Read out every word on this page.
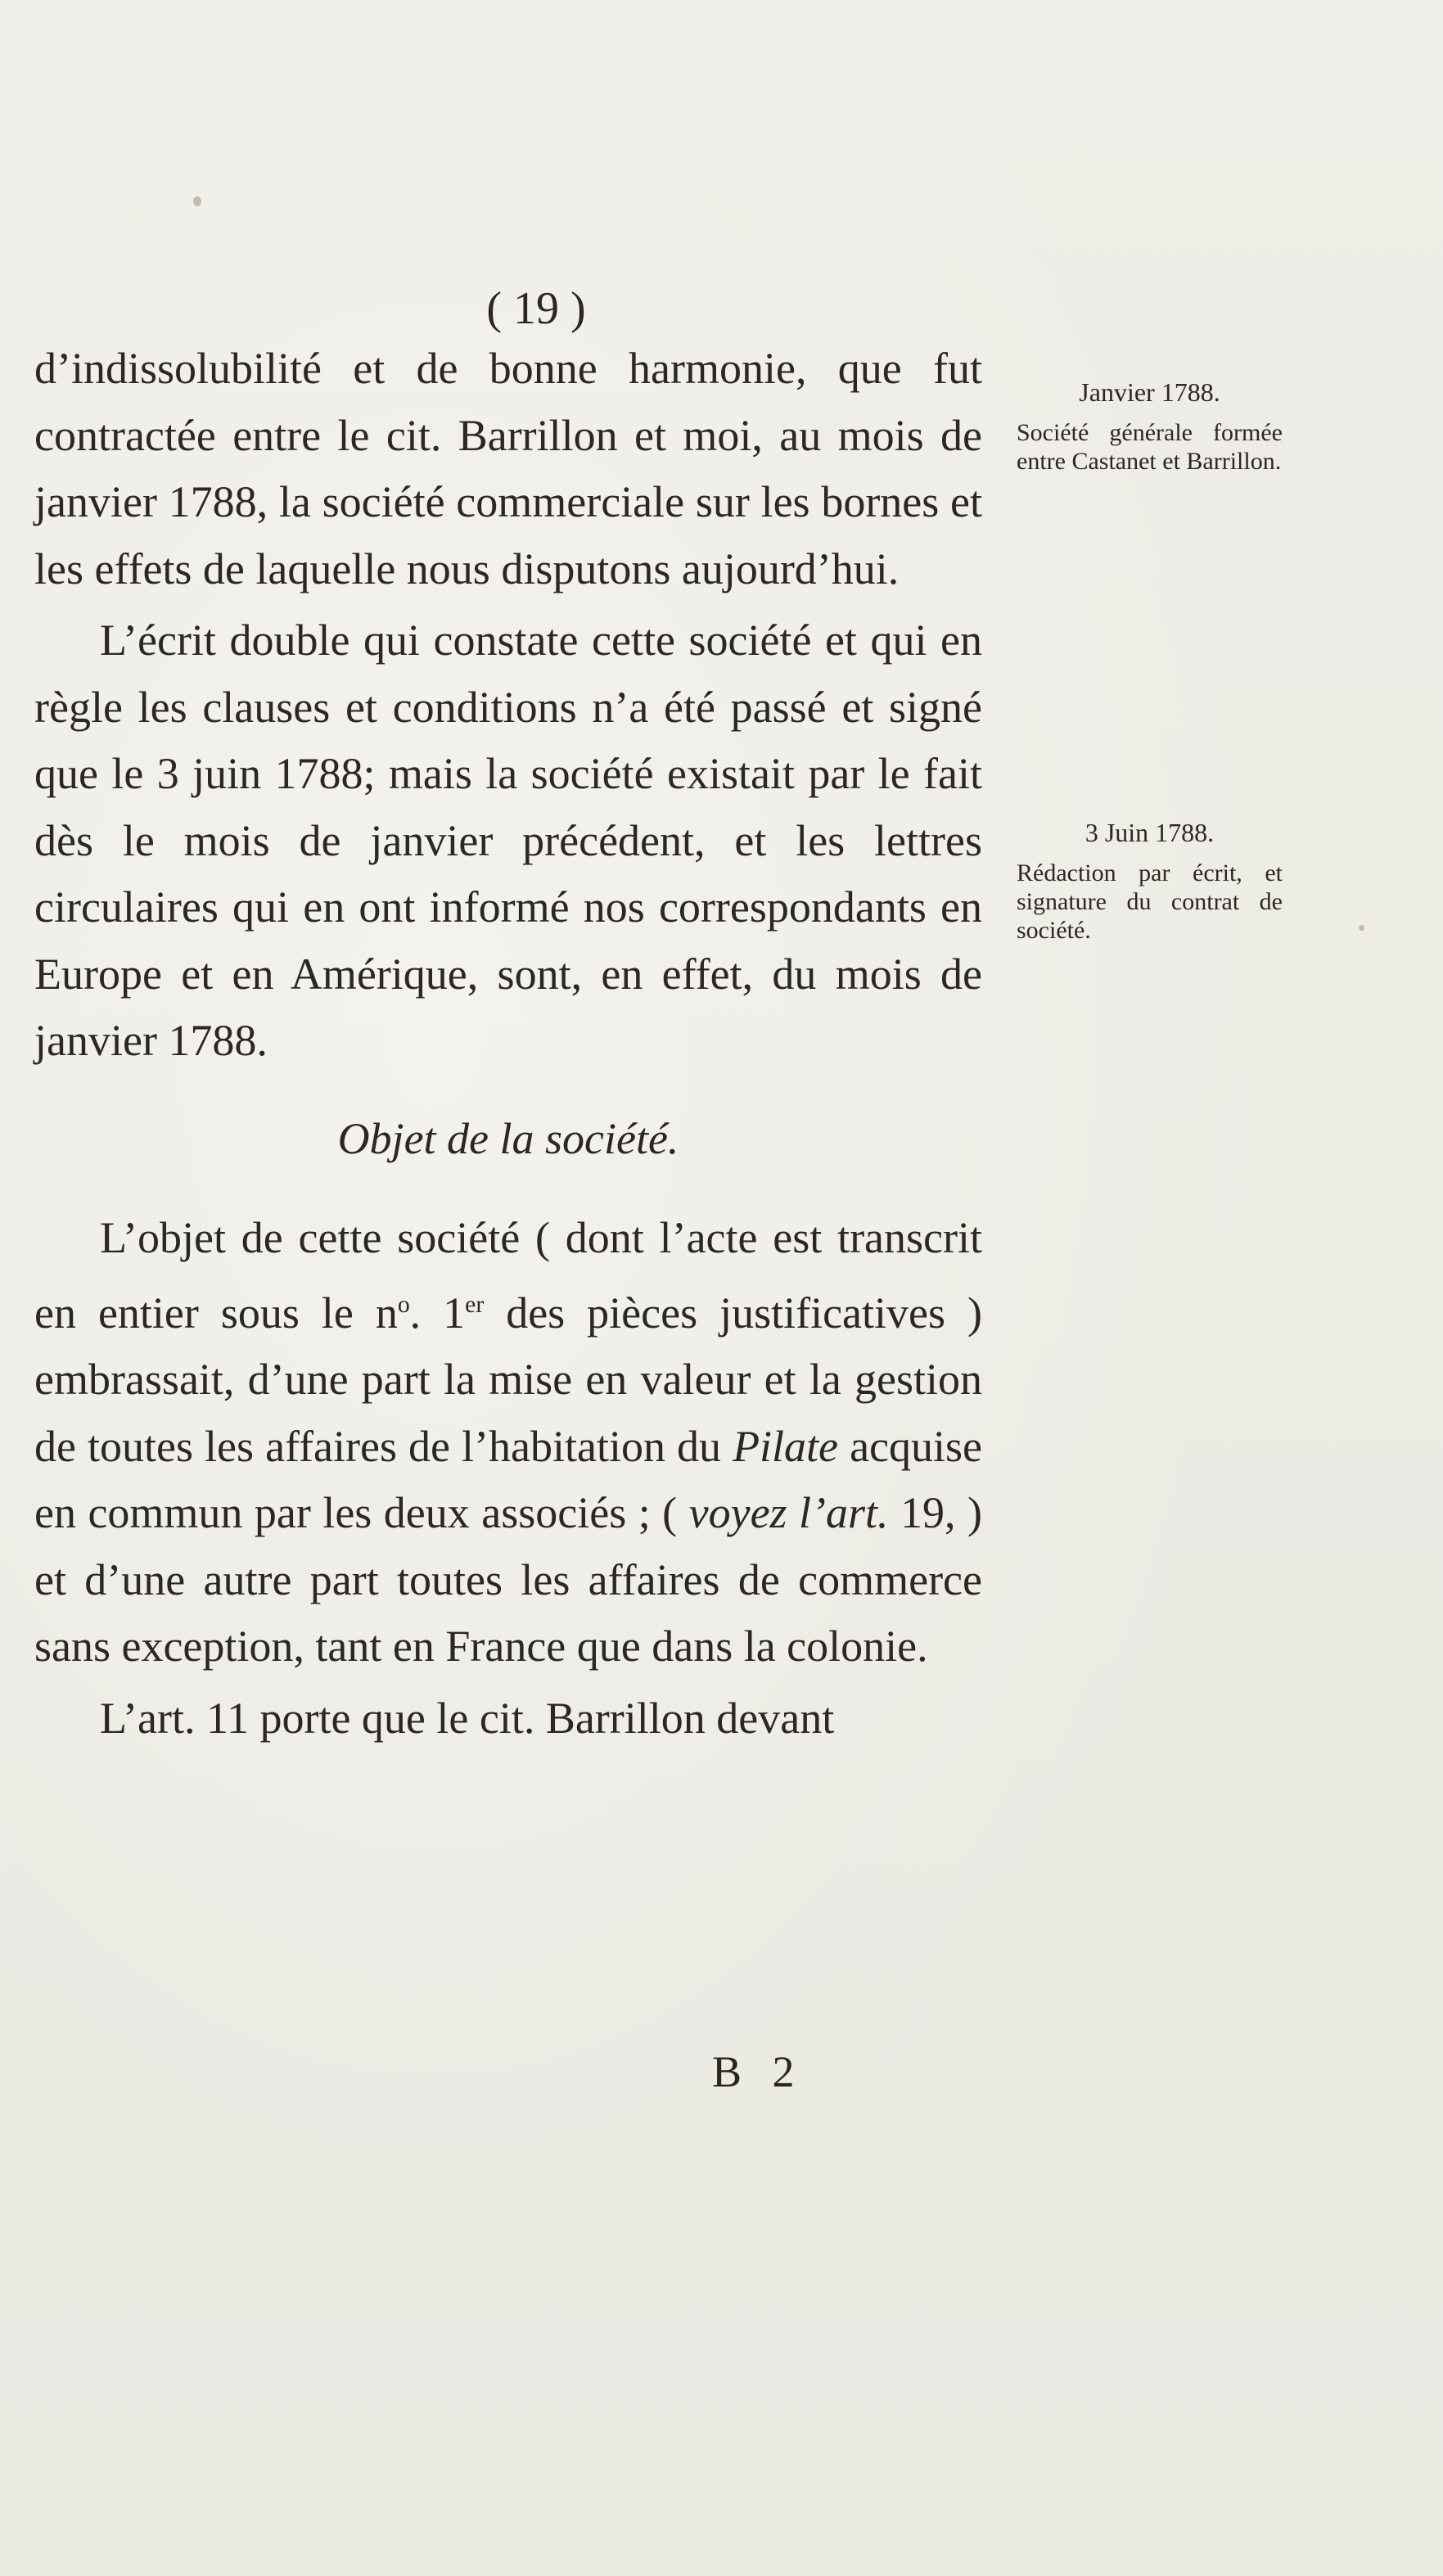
( 19 )

d’indissolubilité et de bonne harmonie, que fut contractée entre le cit. Barrillon et moi, au mois de janvier 1788, la société commerciale sur les bornes et les effets de laquelle nous disputons aujourd’hui.

L’écrit double qui constate cette société et qui en règle les clauses et conditions n’a été passé et signé que le 3 juin 1788; mais la société existait par le fait dès le mois de janvier précédent, et les lettres circulaires qui en ont informé nos correspondants en Europe et en Amérique, sont, en effet, du mois de janvier 1788.

Objet de la société.

L’objet de cette société ( dont l’acte est transcrit en entier sous le $n^o$. 1er des pièces justificatives ) embrassait, d’une part la mise en valeur et la gestion de toutes les affaires de l’habitation du Pilate acquise en commun par les deux associés ; ( voyez l’art. 19, ) et d’une autre part toutes les affaires de commerce sans exception, tant en France que dans la colonie.

L’art. 11 porte que le cit. Barrillon devant

Janvier 1788.
Société générale formée entre Castanet et Barrillon.
3 Juin 1788.
Rédaction par écrit, et signature du contrat de société.
B 2
